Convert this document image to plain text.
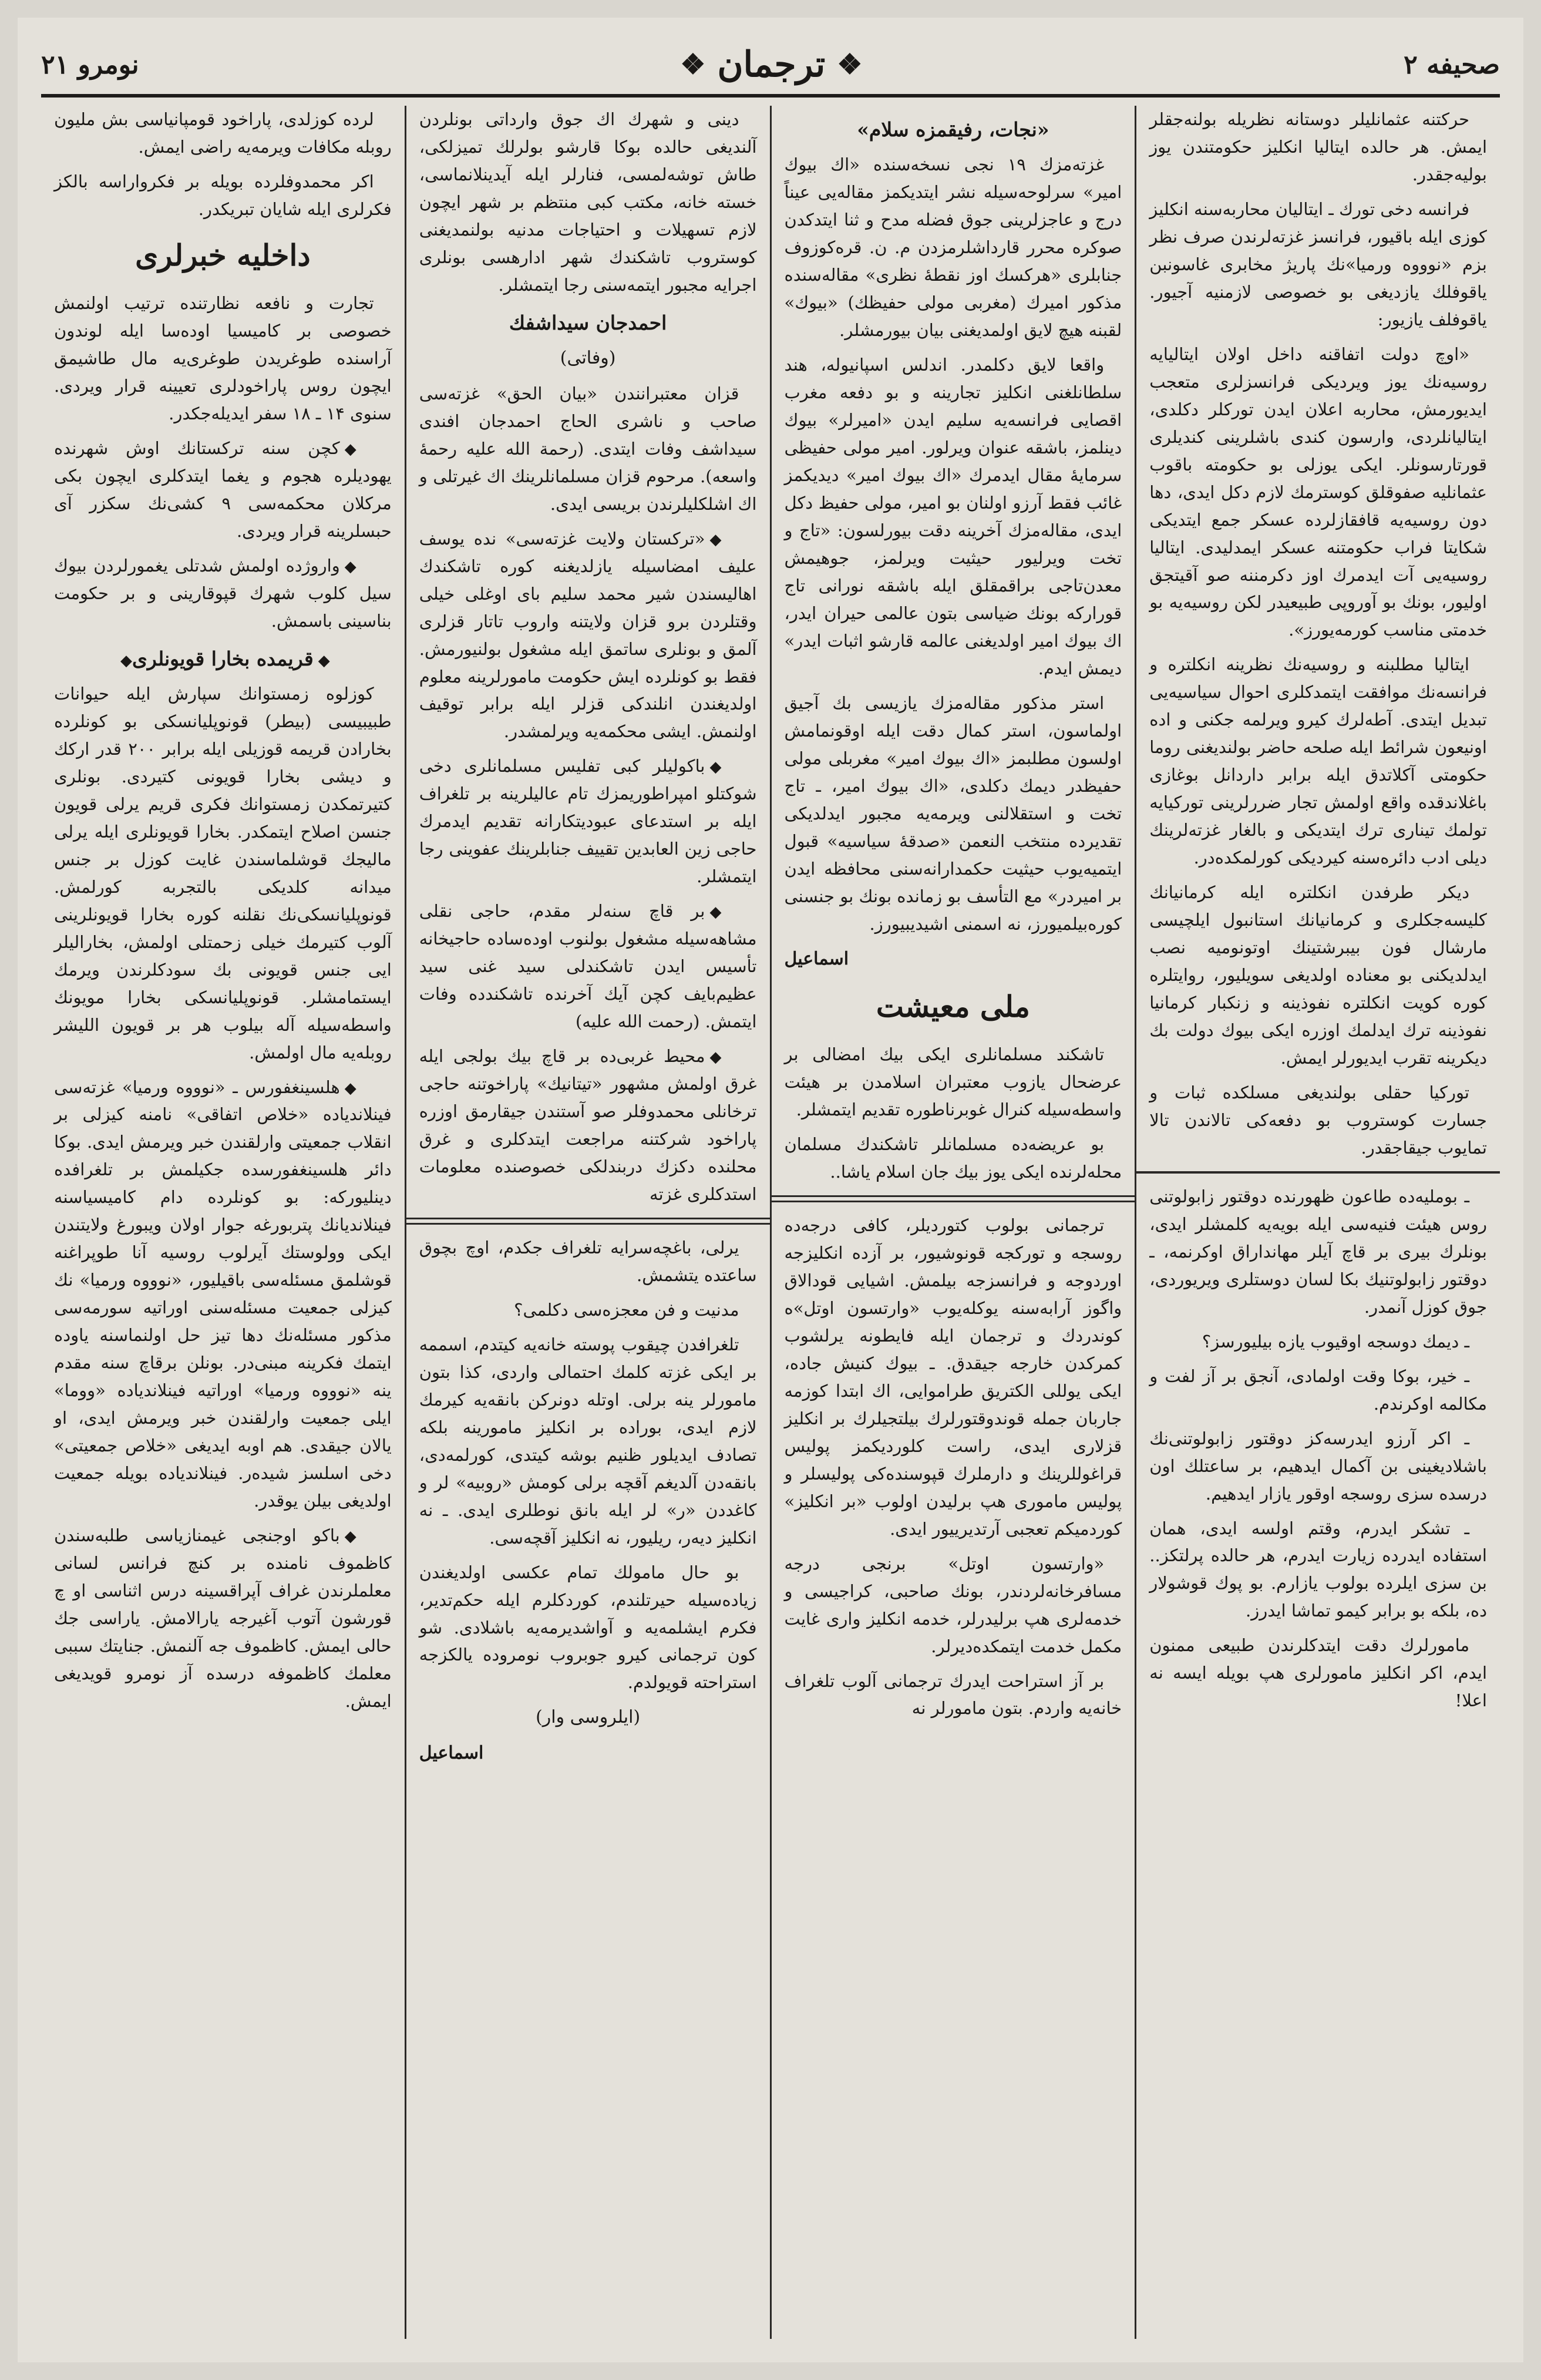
صحیفه ۲
❖
ترجمان
❖
نومرو ۲۱

حرکتنه عثمانلیلر دوستانه نظریله بولنه‌جقلر ایمش. هر حالده ایتالیا انکلیز حکومتندن یوز بولیه‌جقدر.

فرانسه دخی تورك ـ ایتالیان محاربه‌سنه انکلیز کوزی ایله باقیور، فرانسز غزته‌لرندن صرف نظر بزم «نوووه ورمیا»نك پاریژ مخابری غاسونبن یاقوفلك یازدیغی بو خصوصی لازمنیه آجیور. یاقوفلف یازیور:

«اوچ دولت اتفاقنه داخل اولان ایتالیایه روسیه‌نك یوز ویردیکی فرانسزلری متعجب ایدیورمش، محاربه اعلان ایدن تورکلر دکلدی، ایتالیانلردی، وارسون کندی باشلرینی کندیلری قورتارسونلر. ایکی یوزلی بو حکومته باقوب عثمانلیه صفوقلق کوسترمك لازم دکل ایدی، دها دون روسیه‌یه قافقازلرده عسکر جمع ایتدیکی شکایتا فراب حکومتنه عسکر ایمدلیدی. ایتالیا روسیه‌یی آت ایدمرك اوز دکرمننه صو آقیتجق اولیور، بونك بو آوروپی طبیعیدر لکن روسیه‌یه بو خدمتی مناسب کورمه‌یورز».

ایتالیا مطلبنه و روسیه‌نك نظرینه انکلتره و فرانسه‌نك موافقت ایتمدکلری احوال سیاسیه‌یی تبدیل ایتدی. آطه‌لرك کیرو ویرلمه جکنی و اده اونیعون شرائط ایله صلحه حاضر بولندیغنی روما حکومتی آکلاتدق ایله برابر داردانل بوغازی باغلاندقده واقع اولمش تجار ضررلرینی تورکیایه تولمك تیناری ترك ایتدیکی و بالغار غزته‌لرینك دیلی ادب دائره‌سنه کیردیکی کورلمکده‌در.

دیکر طرفدن انکلتره ایله کرمانیانك کلیسه‌جکلری و کرمانیانك استانبول ایلچیسی مارشال فون بیبرشتینك اوتونومیه نصب ایدلدیکنی بو معناده اولدیغی سویلیور، روایتلره کوره کویت انکلتره نفوذینه و زنکبار کرمانیا نفوذینه ترك ایدلمك اوزره ایکی بیوك دولت بك دیکرینه تقرب ایدیورلر ایمش.

تورکیا حقلی بولندیغی مسلکده ثبات و جسارت کوستروب بو دفعه‌کی تالاندن تالا تمایوب جیقاجقدر.

ـ بوملیه‌ده طاعون ظهورنده دوقتور زابولوتنی روس هیئت فنیه‌سی ایله بویه‌یه کلمشلر ایدی، بونلرك بیری بر قاچ آیلر مهانداراق اوکرنمه، ـ دوقتور زابولوتنیك بکا لسان دوستلری ویریوردی، جوق کوزل آنمدر.

ـ دیمك دوسجه اوقیوب یازه بیلیورسز؟

ـ خیر، بوکا وقت اولمادی، آنجق بر آز لفت و مکالمه اوکرندم.

ـ اکر آرزو ایدرسه‌کز دوقتور زابولوتنی‌نك باشلادیغینی بن آکمال ایدهیم، بر ساعتلك اون درسده سزی روسجه اوقور یازار ایدهیم.

ـ تشکر ایدرم، وقتم اولسه ایدی، همان استفاده ایدرده زیارت ایدرم، هر حالده پرلتکز.. بن سزی ایلرده بولوب یازارم. بو پوك قوشولار ده، بلکه بو برابر کیمو تماشا ایدرز.

مامورلرك دقت ایتدکلرندن طبیعی ممنون ایدم، اکر انکلیز مامورلری هپ بویله ایسه نه اعلا!

«نجات، رفیقمزه سلام»

غزته‌مزك ۱۹ نجی نسخه‌سنده «اك بیوك امیر» سرلوحه‌سیله نشر ایتدیکمز مقاله‌یی عیناً درج و عاجزلرینی جوق فضله مدح و ثنا ایتدکدن صوکره محرر قارداشلرمزدن م. ن. قره‌کوزوف جنابلری «هرکسك اوز نقطهٔ نظری» مقاله‌سنده مذکور امیرك (مغربی مولی حفیظك) «بیوك» لقبنه هیچ لایق اولمدیغنی بیان بیورمشلر.

واقعا لایق دکلمدر. اندلس اسپانیوله، هند سلطانلغنی انکلیز تجارینه و بو دفعه مغرب اقصایی فرانسه‌یه سلیم ایدن «امیرلر» بیوك دینلمز، باشقه عنوان ویرلور. امیر مولی حفیظی سرمایهٔ مقال ایدمرك «اك بیوك امیر» دیدیکمز غائب فقط آرزو اولنان بو امیر، مولی حفیظ دکل ایدی، مقاله‌مزك آخرینه دقت بیورلسون: «تاج و تخت ویرلیور حیثیت ویرلمز، جوهیمش معدن‌تاجی براقمقلق ایله باشقه نورانی تاج قورارکه بونك ضیاسی بتون عالمی حیران ایدر، اك بیوك امیر اولدیغنی عالمه قارشو اثبات ایدر» دیمش ایدم.

استر مذکور مقاله‌مزك یازیسی بك آجیق اولماسون، استر کمال دقت ایله اوقونمامش اولسون مطلبمز «اك بیوك امیر» مغربلی مولی حفیظدر دیمك دکلدی، «اك بیوك امیر، ـ تاج تخت و استقلالنی ویرمه‌یه مجبور ایدلدیکی تقدیرده منتخب النعمن «صدقهٔ سیاسیه» قبول ایتمیه‌یوب حیثیت حکمدارانه‌سنی محافظه ایدن بر امیردر» مع التأسف بو زمانده بونك بو جنسنی کوره‌بیلمیورز، نه اسمنی اشیدیبیورز.

اسماعیل
ملی معیشت

تاشکند مسلمانلری ایکی بیك امضالی بر عرضحال یازوب معتبران اسلامدن بر هیئت واسطه‌سیله کنرال غوبرناطوره تقدیم ایتمشلر.

بو عریضه‌ده مسلمانلر تاشکندك مسلمان محله‌لرنده ایکی یوز بیك جان اسلام یاشا..

ترجمانی بولوب کتوردیلر، کافی درجه‌ده روسجه و تورکجه قونوشیور، بر آزده انکلیزجه اوردوجه و فرانسزجه بیلمش. اشیایی قودالاق واگوز آرابه‌سنه یوکله‌یوب «وارتسون اوتل»ه کوندردك و ترجمان ایله فایطونه یرلشوب کمرکدن خارجه جیقدق. ـ بیوك کنیش جاده، ایکی یوللی الکتریق طراموایی، اك ابتدا کوزمه جاربان جمله قوندوقتورلرك بیلتجیلرك بر انکلیز قزلاری ایدی، راست کلوردیکمز پولیس قراغوللرینك و دارملرك قپوسنده‌کی پولیسلر و پولیس ماموری هپ برلیدن اولوب «بر انکلیز» کوردمیکم تعجبی آرتدیرییور ایدی.

«وارتسون اوتل» برنجی درجه مسافرخانه‌لردندر، بونك صاحبی، کراجیسی و خدمه‌لری هپ برلیدرلر، خدمه انکلیز واری غایت مکمل خدمت ایتمکده‌دیرلر.

بر آز استراحت ایدرك ترجمانی آلوب تلغراف خانه‌یه واردم. بتون مامورلر نه

دینی و شهرك اك جوق وارداتی بونلردن آلندیغی حالده بوکا قارشو بولرلك تمیزلکی، طاش توشه‌لمسی، فنارلر ایله آیدینلانماسی، خسته خانه، مکتب کبی منتظم بر شهر ایچون لازم تسهیلات و احتیاجات مدنیه بولنمدیغنی کوستروب تاشکندك شهر ادارهسی بونلری اجرایه مجبور ایتمه‌سنی رجا ایتمشلر.

احمدجان سیداشفك
(وفاتی)

قزان معتبرانندن «بیان الحق» غزته‌سی صاحب و ناشری الحاج احمدجان افندی سیداشف وفات ایتدی. (رحمة الله علیه رحمهٔ واسعه). مرحوم قزان مسلمانلرینك اك غیرتلی و اك اشلکلیلرندن بریسی ایدی.

◆«ترکستان ولایت غزته‌سی» نده یوسف علیف امضاسیله یازلدیغنه کوره تاشکندك اهالیسندن شیر محمد سلیم بای اوغلی خیلی وقتلردن برو قزان ولایتنه واروب تاتار قزلری آلمق و بونلری ساتمق ایله مشغول بولنیورمش. فقط بو کونلرده ایش حکومت مامورلرینه معلوم اولدیغندن انلندکی قزلر ایله برابر توقیف اولنمش. ایشی محکمه‌یه ویرلمشدر.

◆باکولیلر کبی تفلیس مسلمانلری دخی شوکتلو امپراطوریمزك تام عالیلرینه بر تلغراف ایله بر استدعای عبودیتکارانه تقدیم ایدمرك حاجی زین العابدین تقییف جنابلرینك عفوینی رجا ایتمشلر.

◆بر قاچ سنه‌لر مقدم، حاجی نقلی مشاهه‌سیله مشغول بولنوب اوده‌ساده حاجیخانه تأسیس ایدن تاشکندلی سید غنی سید عظیم‌بایف کچن آیك آخرنده تاشکندده وفات ایتمش. (رحمت الله علیه)

◆محیط غربی‌ده بر قاچ بیك بولجی ایله غرق اولمش مشهور «تیتانیك» پاراخوتنه حاجی ترخانلی محمدوفلر صو آستندن جیقارمق اوزره پاراخود شرکتنه مراجعت ایتدکلری و غرق محلنده دکزك دربندلکی خصوصنده معلومات استدکلری غزته‌

یرلی، باغچه‌سرایه تلغراف جکدم، اوچ بچوق ساعتده یتشمش.

مدنیت و فن معجزه‌سی دکلمی؟

تلغرافدن چیقوب پوسته خانه‌یه کیتدم، اسممه بر ایکی غزته کلمك احتمالی واردی، کذا بتون مامورلر ینه برلی. اوتله دونرکن بانقه‌یه کیرمك لازم ایدی، بوراده بر انکلیز مامورینه بلکه تصادف ایدیلور ظنیم بوشه کیتدی، کورلمه‌دی، بانقه‌دن آلدیغم آقچه برلی کومش «روبیه» لر و کاغددن «ر» لر ایله بانق نوطلری ایدی. ـ نه انکلیز دیه‌ر، ریلیور، نه انکلیز آقچه‌سی.

بو حال مامولك تمام عکسی اولدیغندن زیاده‌سیله حیرتلندم، کوردکلرم ایله حکم‌تدیر، فکرم ایشلمه‌یه و آواشدیرمه‌یه باشلادی. شو کون ترجمانی کیرو جوبروب نومروده یالکزجه استراحته قویولدم.

(ایلروسی وار)
اسماعیل

لرده کوزلدی، پاراخود قومپانیاسی بش ملیون روبله مکافات ویرمه‌یه راضی ایمش.

اکر محمدوفلرده بویله بر فکرواراسه بالکز فکرلری ایله شایان تبریکدر.

داخلیه خبرلری

تجارت و نافعه نظارتنده ترتیب اولنمش خصوصی بر کامیسیا اوده‌سا ایله لوندون آراسنده طوغریدن طوغری‌یه مال طاشیمق ایچون روس پاراخودلری تعیینه قرار ویردی. سنوی ۱۴ ـ ۱۸ سفر ایدیله‌جکدر.

◆کچن سنه ترکستانك اوش شهرنده یهودیلره هجوم و یغما ایتدکلری ایچون بکی مرکلان محکمه‌سی ۹ کشی‌نك سکزر آی حبسلرینه قرار ویردی.

◆واروژده اولمش شدتلی یغمورلردن بیوك سیل کلوب شهرك قپوقارینی و بر حکومت بناسینی باسمش.

◆قریمده بخارا قویونلری◆

کوزلوه زمستوانك سپارش ایله حیوانات طبیبیسی (بیطر) قونوپلیانسکی بو کونلرده بخارادن قریمه قوزیلی ایله برابر ۲۰۰ قدر ارکك و دیشی بخارا قویونی کتیردی. بونلری کتیرتمکدن زمستوانك فکری قریم یرلی قویون جنسن اصلاح ایتمکدر. بخارا قویونلری ایله یرلی مالیجك قوشلماسندن غایت کوزل بر جنس میدانه کلدیکی بالتجربه کورلمش. قونوپلیانسکی‌نك نقلنه کوره بخارا قویونلرینی آلوب کتیرمك خیلی زحمتلی اولمش، بخارالیلر ایی جنس قویونی بك سودکلرندن ویرمك ایستمامشلر. قونوپلیانسکی بخارا مویونك واسطه‌سیله آله بیلوب هر بر قویون اللیشر روبله‌یه مال اولمش.

◆هلسینغفورس ـ «نوووه ورمیا» غزته‌سی فینلاندیاده «خلاص اتفاقی» نامنه کیزلی بر انقلاب جمعیتی وارلقندن خبر ویرمش ایدی. بوکا دائر هلسینغفورسده جکیلمش بر تلغرافده دینلیورکه: بو کونلرده دام کامیسیاسنه فینلاندیانك پتربورغه جوار اولان ویبورغ ولایتندن ایکی وولوستك آیرلوب روسیه آنا طوپراغنه قوشلمق مسئله‌سی باقیلیور، «نوووه ورمیا» نك کیزلی جمعیت مسئله‌سنی اوراتیه سورمه‌سی مذکور مسئله‌نك دها تیز حل اولنماسنه یاوده ایتمك فکرینه مبنی‌در. بونلن برقاچ سنه مقدم ینه «نوووه ورمیا» اوراتیه فینلاندیاده «ووما» ایلی جمعیت وارلقندن خبر ویرمش ایدی، او یالان جیقدی. هم اوبه ایدیغی «خلاص جمعیتی» دخی اسلسز شیده‌ر. فینلاندیاده بویله جمعیت اولدیغی بیلن یوقدر.

◆باکو اوجنجی غیمنازیاسی طلبه‌سندن کاظموف نامنده بر کنچ فرانس لسانی معلملرندن غراف آپراقسینه درس اثناسی او چ قورشون آتوب آغیرجه یارالامش. یاراسی جك حالی ایمش. کاظموف جه آلنمش. جنایتك سببی معلمك کاظموفه درسده آز نومرو قویدیغی ایمش.
